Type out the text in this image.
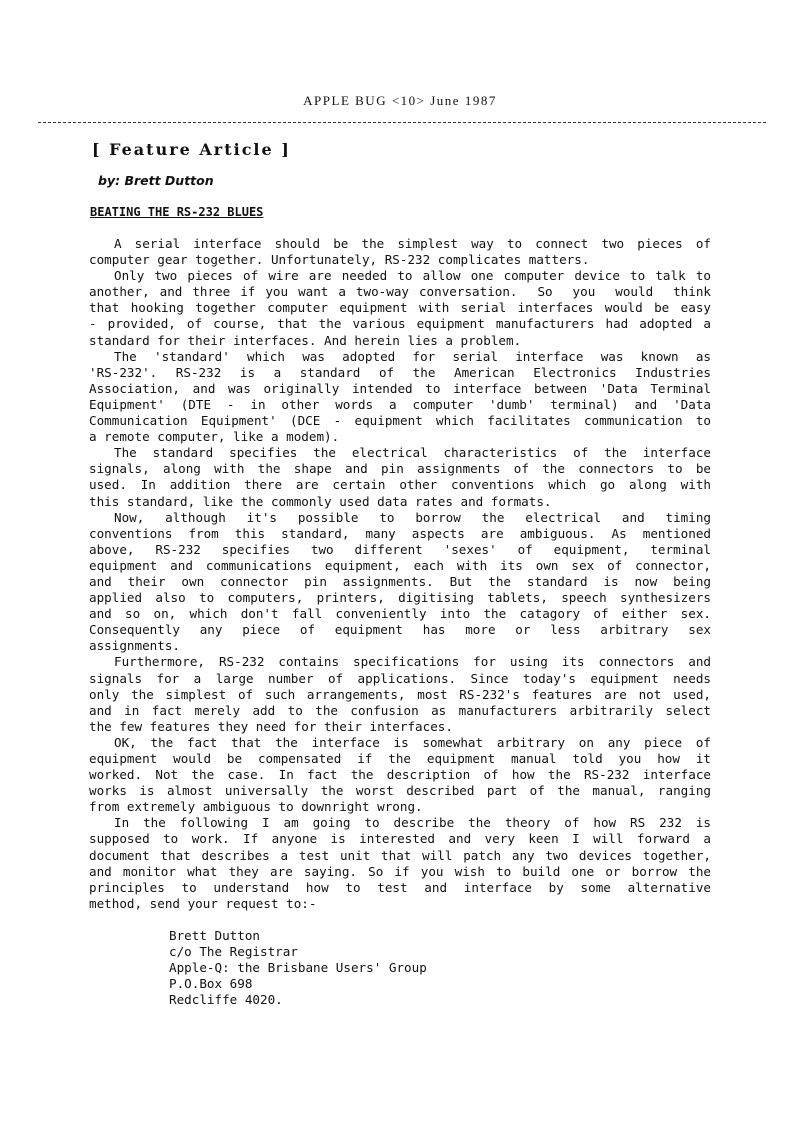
APPLE BUG <10> June 1987
[ Feature Article ]
by: Brett Dutton
BEATING THE RS-232 BLUES
A serial interface should be the simplest way to connect two pieces of
computer gear together. Unfortunately, RS-232 complicates matters.
Only two pieces of wire are needed to allow one computer device to talk to
another, and three if you want a two-way conversation.  So  you  would  think
that hooking together computer equipment with serial interfaces would be easy
- provided, of course, that the various equipment manufacturers had adopted a
standard for their interfaces. And herein lies a problem.
The 'standard' which was adopted for serial interface was known as
'RS-232'. RS-232 is a standard of the American Electronics Industries
Association, and was originally intended to interface between 'Data Terminal
Equipment' (DTE - in other words a computer 'dumb' terminal) and 'Data
Communication Equipment' (DCE - equipment which facilitates communication to
a remote computer, like a modem).
The standard specifies the electrical characteristics of the interface
signals, along with the shape and pin assignments of the connectors to be
used. In addition there are certain other conventions which go along with
this standard, like the commonly used data rates and formats.
Now, although it's possible to borrow the electrical and timing
conventions from this standard, many aspects are ambiguous. As mentioned
above, RS-232 specifies two different 'sexes' of equipment, terminal
equipment and communications equipment, each with its own sex of connector,
and their own connector pin assignments. But the standard is now being
applied also to computers, printers, digitising tablets, speech synthesizers
and so on, which don't fall conveniently into the catagory of either sex.
Consequently any piece of equipment has more or less arbitrary sex
assignments.
Furthermore, RS-232 contains specifications for using its connectors and
signals for a large number of applications. Since today's equipment needs
only the simplest of such arrangements, most RS-232's features are not used,
and in fact merely add to the confusion as manufacturers arbitrarily select
the few features they need for their interfaces.
OK, the fact that the interface is somewhat arbitrary on any piece of
equipment would be compensated if the equipment manual told you how it
worked. Not the case. In fact the description of how the RS-232 interface
works is almost universally the worst described part of the manual, ranging
from extremely ambiguous to downright wrong.
In the following I am going to describe the theory of how RS 232 is
supposed to work. If anyone is interested and very keen I will forward a
document that describes a test unit that will patch any two devices together,
and monitor what they are saying. So if you wish to build one or borrow the
principles to understand how to test and interface by some alternative
method, send your request to:-
Brett Dutton
c/o The Registrar
Apple-Q: the Brisbane Users' Group
P.O.Box 698
Redcliffe 4020.
